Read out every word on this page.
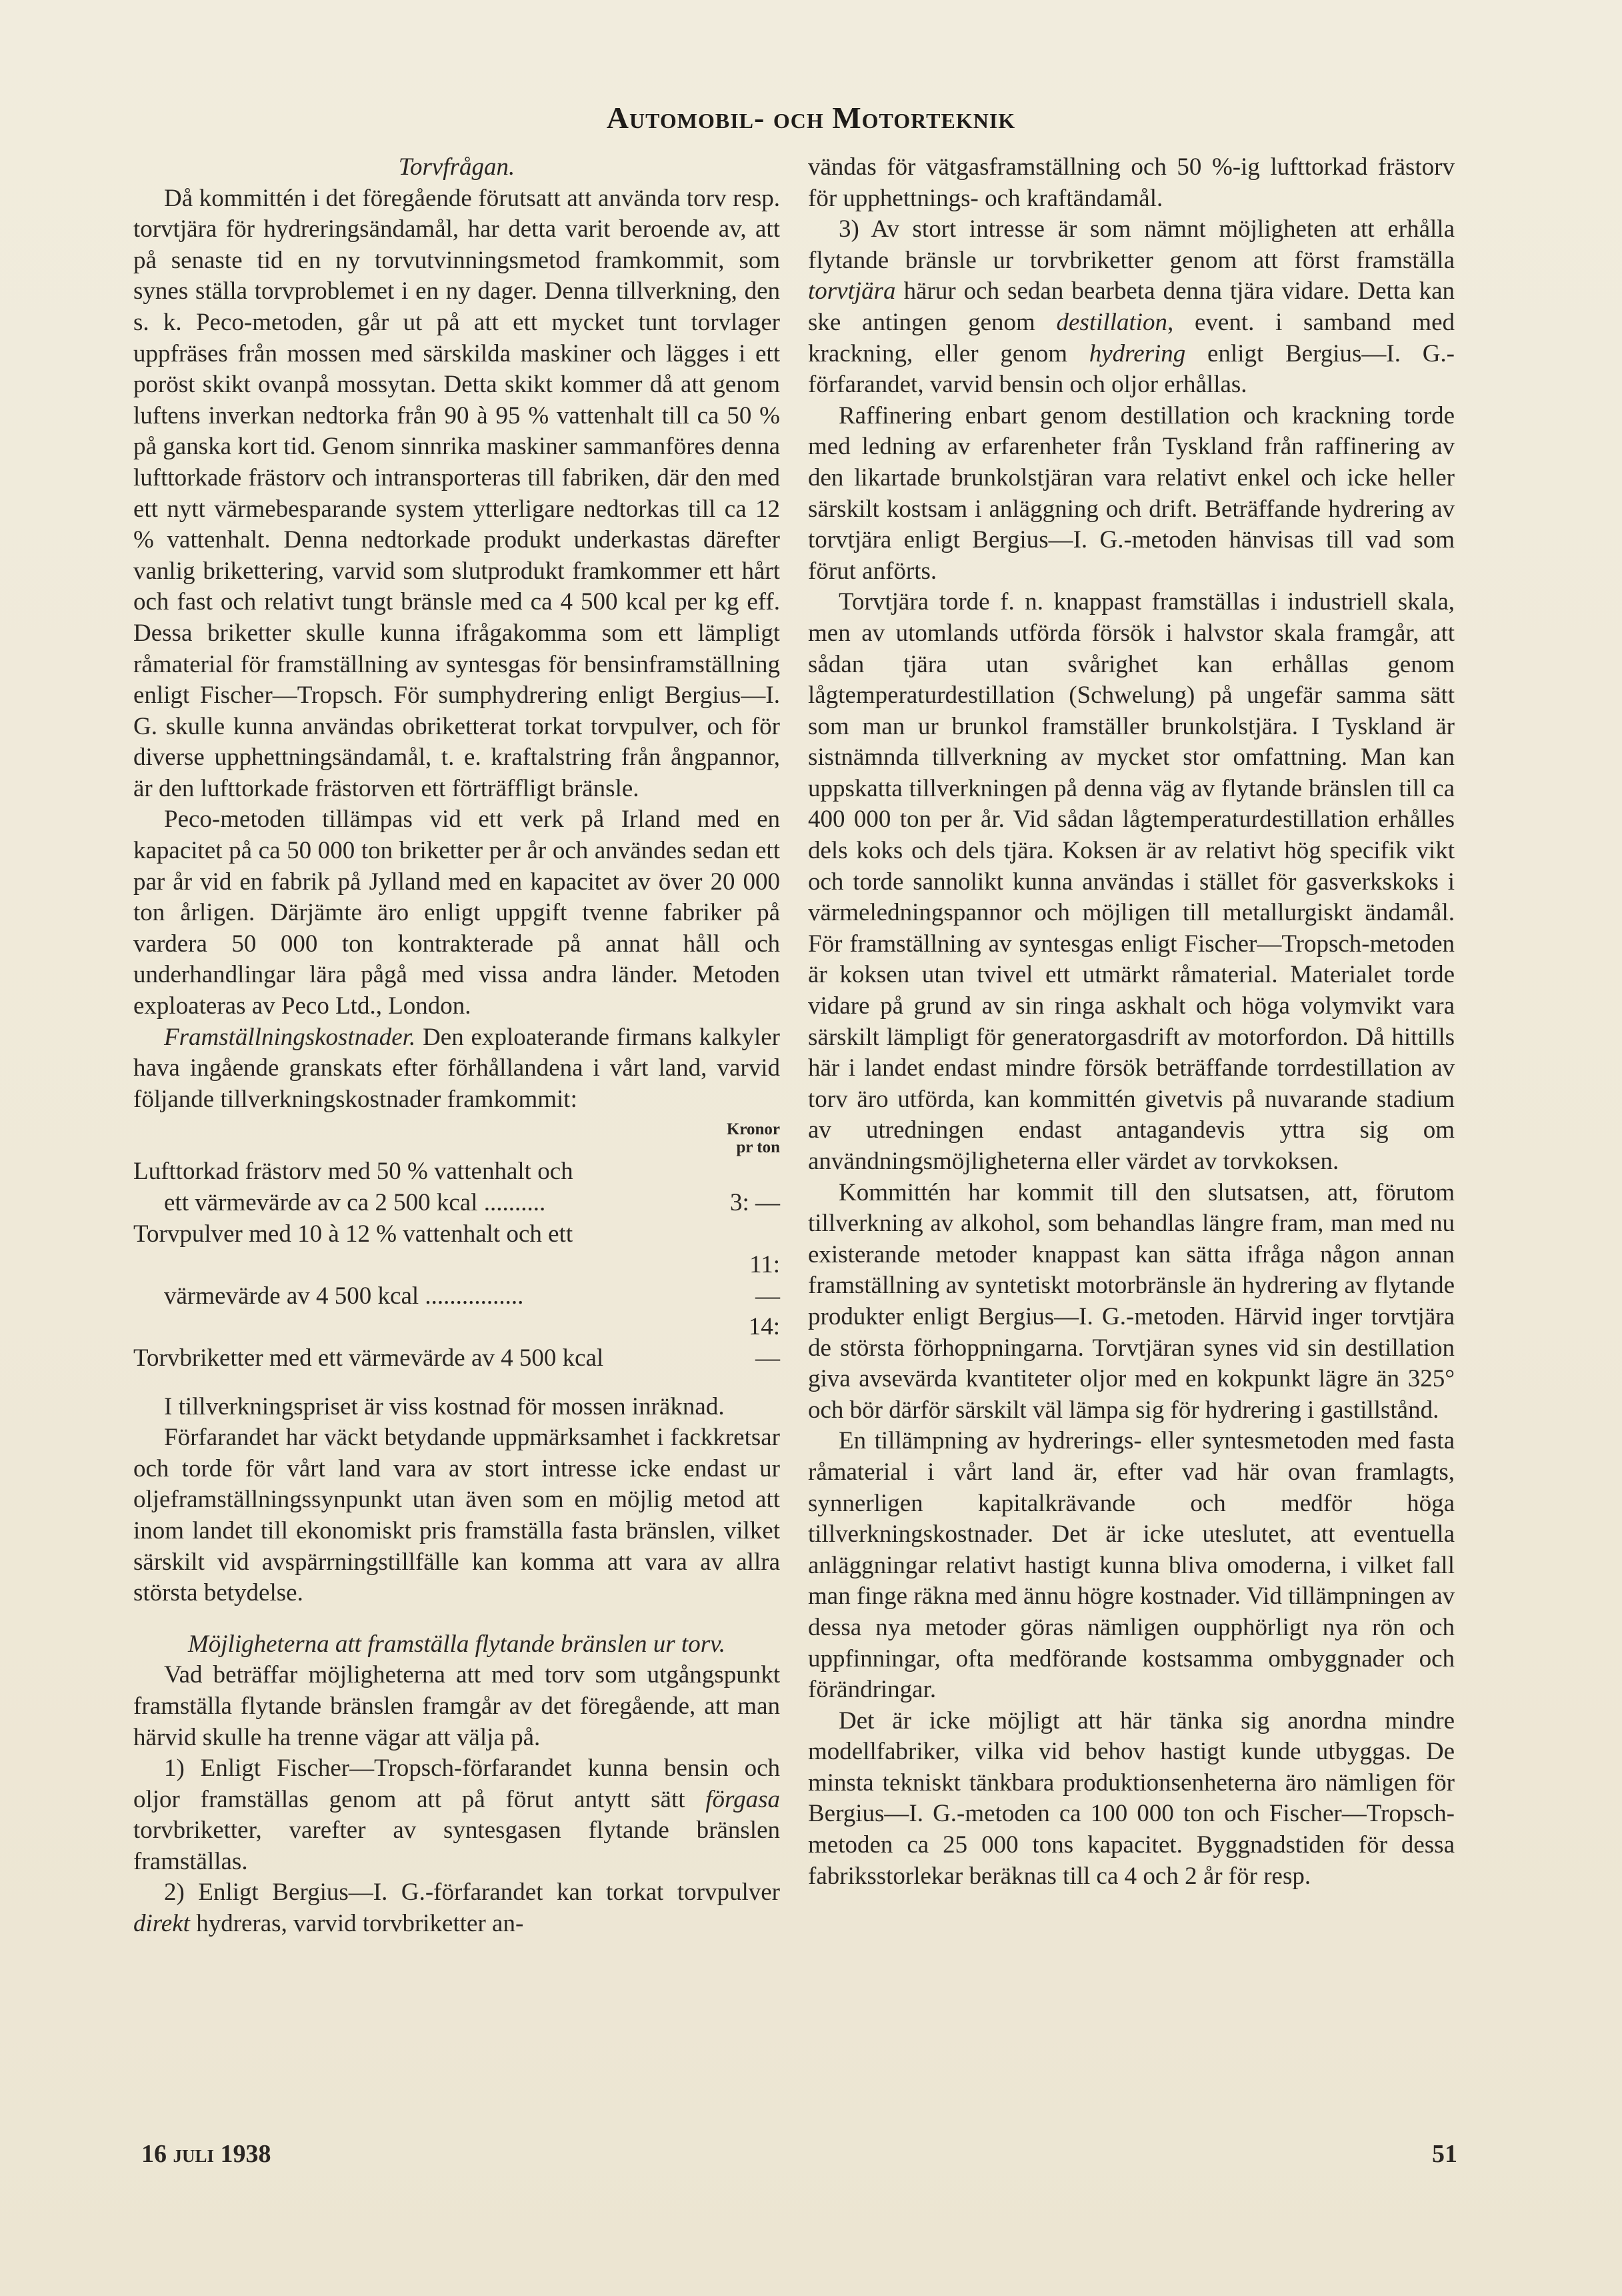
Automobil- och Motorteknik

Torvfrågan.

Då kommittén i det föregående förutsatt att använda torv resp. torvtjära för hydreringsändamål, har detta varit beroende av, att på senaste tid en ny torvutvinningsmetod framkommit, som synes ställa torvproblemet i en ny dager. Denna tillverkning, den s. k. Peco-metoden, går ut på att ett mycket tunt torvlager uppfräses från mossen med särskilda maskiner och lägges i ett poröst skikt ovanpå mossytan. Detta skikt kommer då att genom luftens inverkan nedtorka från 90 à 95 % vattenhalt till ca 50 % på ganska kort tid. Genom sinnrika maskiner sammanföres denna lufttorkade frästorv och intransporteras till fabriken, där den med ett nytt värmebesparande system ytterligare nedtorkas till ca 12 % vattenhalt. Denna nedtorkade produkt underkastas därefter vanlig brikettering, varvid som slutprodukt framkommer ett hårt och fast och relativt tungt bränsle med ca 4 500 kcal per kg eff. Dessa briketter skulle kunna ifrågakomma som ett lämpligt råmaterial för framställning av syntesgas för bensinframställning enligt Fischer—Tropsch. För sumphydrering enligt Bergius—I. G. skulle kunna användas obriketterat torkat torvpulver, och för diverse upphettningsändamål, t. e. kraftalstring från ångpannor, är den lufttorkade frästorven ett förträffligt bränsle.

Peco-metoden tillämpas vid ett verk på Irland med en kapacitet på ca 50 000 ton briketter per år och användes sedan ett par år vid en fabrik på Jylland med en kapacitet av över 20 000 ton årligen. Därjämte äro enligt uppgift tvenne fabriker på vardera 50 000 ton kontrakterade på annat håll och underhandlingar lära pågå med vissa andra länder. Metoden exploateras av Peco Ltd., London.

Framställningskostnader. Den exploaterande firmans kalkyler hava ingående granskats efter förhållandena i vårt land, varvid följande tillverkningskostnader framkommit:

Kronor
pr ton
Lufttorkad frästorv med 50 % vattenhalt och
ett värmevärde av ca 2 500 kcal ..........	3: —
Torvpulver med 10 à 12 % vattenhalt och ett
värmevärde av 4 500 kcal ................
11: —
Torvbriketter med ett värmevärde av 4 500 kcal
14: —

I tillverkningspriset är viss kostnad för mossen inräknad.

Förfarandet har väckt betydande uppmärksamhet i fackkretsar och torde för vårt land vara av stort intresse icke endast ur oljeframställningssynpunkt utan även som en möjlig metod att inom landet till ekonomiskt pris framställa fasta bränslen, vilket särskilt vid avspärrningstillfälle kan komma att vara av allra största betydelse.

Möjligheterna att framställa flytande bränslen ur torv.

Vad beträffar möjligheterna att med torv som utgångspunkt framställa flytande bränslen framgår av det föregående, att man härvid skulle ha trenne vägar att välja på.

1) Enligt Fischer—Tropsch-förfarandet kunna bensin och oljor framställas genom att på förut antytt sätt förgasa torvbriketter, varefter av syntesgasen flytande bränslen framställas.

2) Enligt Bergius—I. G.-förfarandet kan torkat torvpulver direkt hydreras, varvid torvbriketter an-

vändas för vätgasframställning och 50 %-ig lufttorkad frästorv för upphettnings- och kraftändamål.

3) Av stort intresse är som nämnt möjligheten att erhålla flytande bränsle ur torvbriketter genom att först framställa torvtjära härur och sedan bearbeta denna tjära vidare. Detta kan ske antingen genom destillation, event. i samband med krackning, eller genom hydrering enligt Bergius—I. G.-förfarandet, varvid bensin och oljor erhållas.

Raffinering enbart genom destillation och krackning torde med ledning av erfarenheter från Tyskland från raffinering av den likartade brunkolstjäran vara relativt enkel och icke heller särskilt kostsam i anläggning och drift. Beträffande hydrering av torvtjära enligt Bergius—I. G.-metoden hänvisas till vad som förut anförts.

Torvtjära torde f. n. knappast framställas i industriell skala, men av utomlands utförda försök i halvstor skala framgår, att sådan tjära utan svårighet kan erhållas genom lågtemperaturdestillation (Schwelung) på ungefär samma sätt som man ur brunkol framställer brunkolstjära. I Tyskland är sistnämnda tillverkning av mycket stor omfattning. Man kan uppskatta tillverkningen på denna väg av flytande bränslen till ca 400 000 ton per år. Vid sådan lågtemperaturdestillation erhålles dels koks och dels tjära. Koksen är av relativt hög specifik vikt och torde sannolikt kunna användas i stället för gasverkskoks i värmeledningspannor och möjligen till metallurgiskt ändamål. För framställning av syntesgas enligt Fischer—Tropsch-metoden är koksen utan tvivel ett utmärkt råmaterial. Materialet torde vidare på grund av sin ringa askhalt och höga volymvikt vara särskilt lämpligt för generatorgasdrift av motorfordon. Då hittills här i landet endast mindre försök beträffande torrdestillation av torv äro utförda, kan kommittén givetvis på nuvarande stadium av utredningen endast antagandevis yttra sig om användningsmöjligheterna eller värdet av torvkoksen.

Kommittén har kommit till den slutsatsen, att, förutom tillverkning av alkohol, som behandlas längre fram, man med nu existerande metoder knappast kan sätta ifråga någon annan framställning av syntetiskt motorbränsle än hydrering av flytande produkter enligt Bergius—I. G.-metoden. Härvid inger torvtjära de största förhoppningarna. Torvtjäran synes vid sin destillation giva avsevärda kvantiteter oljor med en kokpunkt lägre än 325° och bör därför särskilt väl lämpa sig för hydrering i gastillstånd.

En tillämpning av hydrerings- eller syntesmetoden med fasta råmaterial i vårt land är, efter vad här ovan framlagts, synnerligen kapitalkrävande och medför höga tillverkningskostnader. Det är icke uteslutet, att eventuella anläggningar relativt hastigt kunna bliva omoderna, i vilket fall man finge räkna med ännu högre kostnader. Vid tillämpningen av dessa nya metoder göras nämligen oupphörligt nya rön och uppfinningar, ofta medförande kostsamma ombyggnader och förändringar.

Det är icke möjligt att här tänka sig anordna mindre modellfabriker, vilka vid behov hastigt kunde utbyggas. De minsta tekniskt tänkbara produktionsenheterna äro nämligen för Bergius—I. G.-metoden ca 100 000 ton och Fischer—Tropsch-metoden ca 25 000 tons kapacitet. Byggnadstiden för dessa fabriksstorlekar beräknas till ca 4 och 2 år för resp.

16 juli 1938	51
